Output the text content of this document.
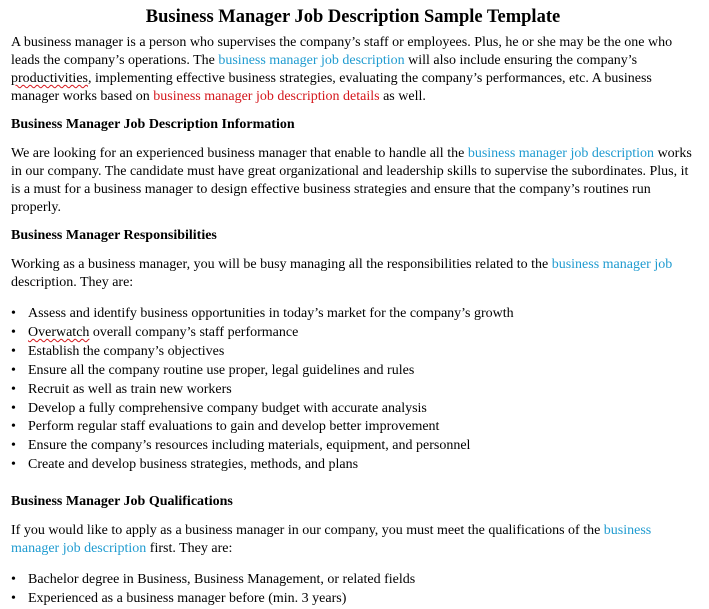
Business Manager Job Description Sample Template

A business manager is a person who supervises the company’s staff or employees. Plus, he or she may be the one who leads the company’s operations. The business manager job description will also include ensuring the company’s productivities, implementing effective business strategies, evaluating the company’s performances, etc. A business manager works based on business manager job description details as well.

Business Manager Job Description Information

We are looking for an experienced business manager that enable to handle all the business manager job description works in our company. The candidate must have great organizational and leadership skills to supervise the subordinates. Plus, it is a must for a business manager to design effective business strategies and ensure that the company’s routines run properly.

Business Manager Responsibilities

Working as a business manager, you will be busy managing all the responsibilities related to the business manager job description. They are:

• Assess and identify business opportunities in today’s market for the company’s growth
• Overwatch overall company’s staff performance
• Establish the company’s objectives
• Ensure all the company routine use proper, legal guidelines and rules
• Recruit as well as train new workers
• Develop a fully comprehensive company budget with accurate analysis
• Perform regular staff evaluations to gain and develop better improvement
• Ensure the company’s resources including materials, equipment, and personnel
• Create and develop business strategies, methods, and plans
Business Manager Job Qualifications

If you would like to apply as a business manager in our company, you must meet the qualifications of the business manager job description first. They are:

• Bachelor degree in Business, Business Management, or related fields
• Experienced as a business manager before (min. 3 years)
